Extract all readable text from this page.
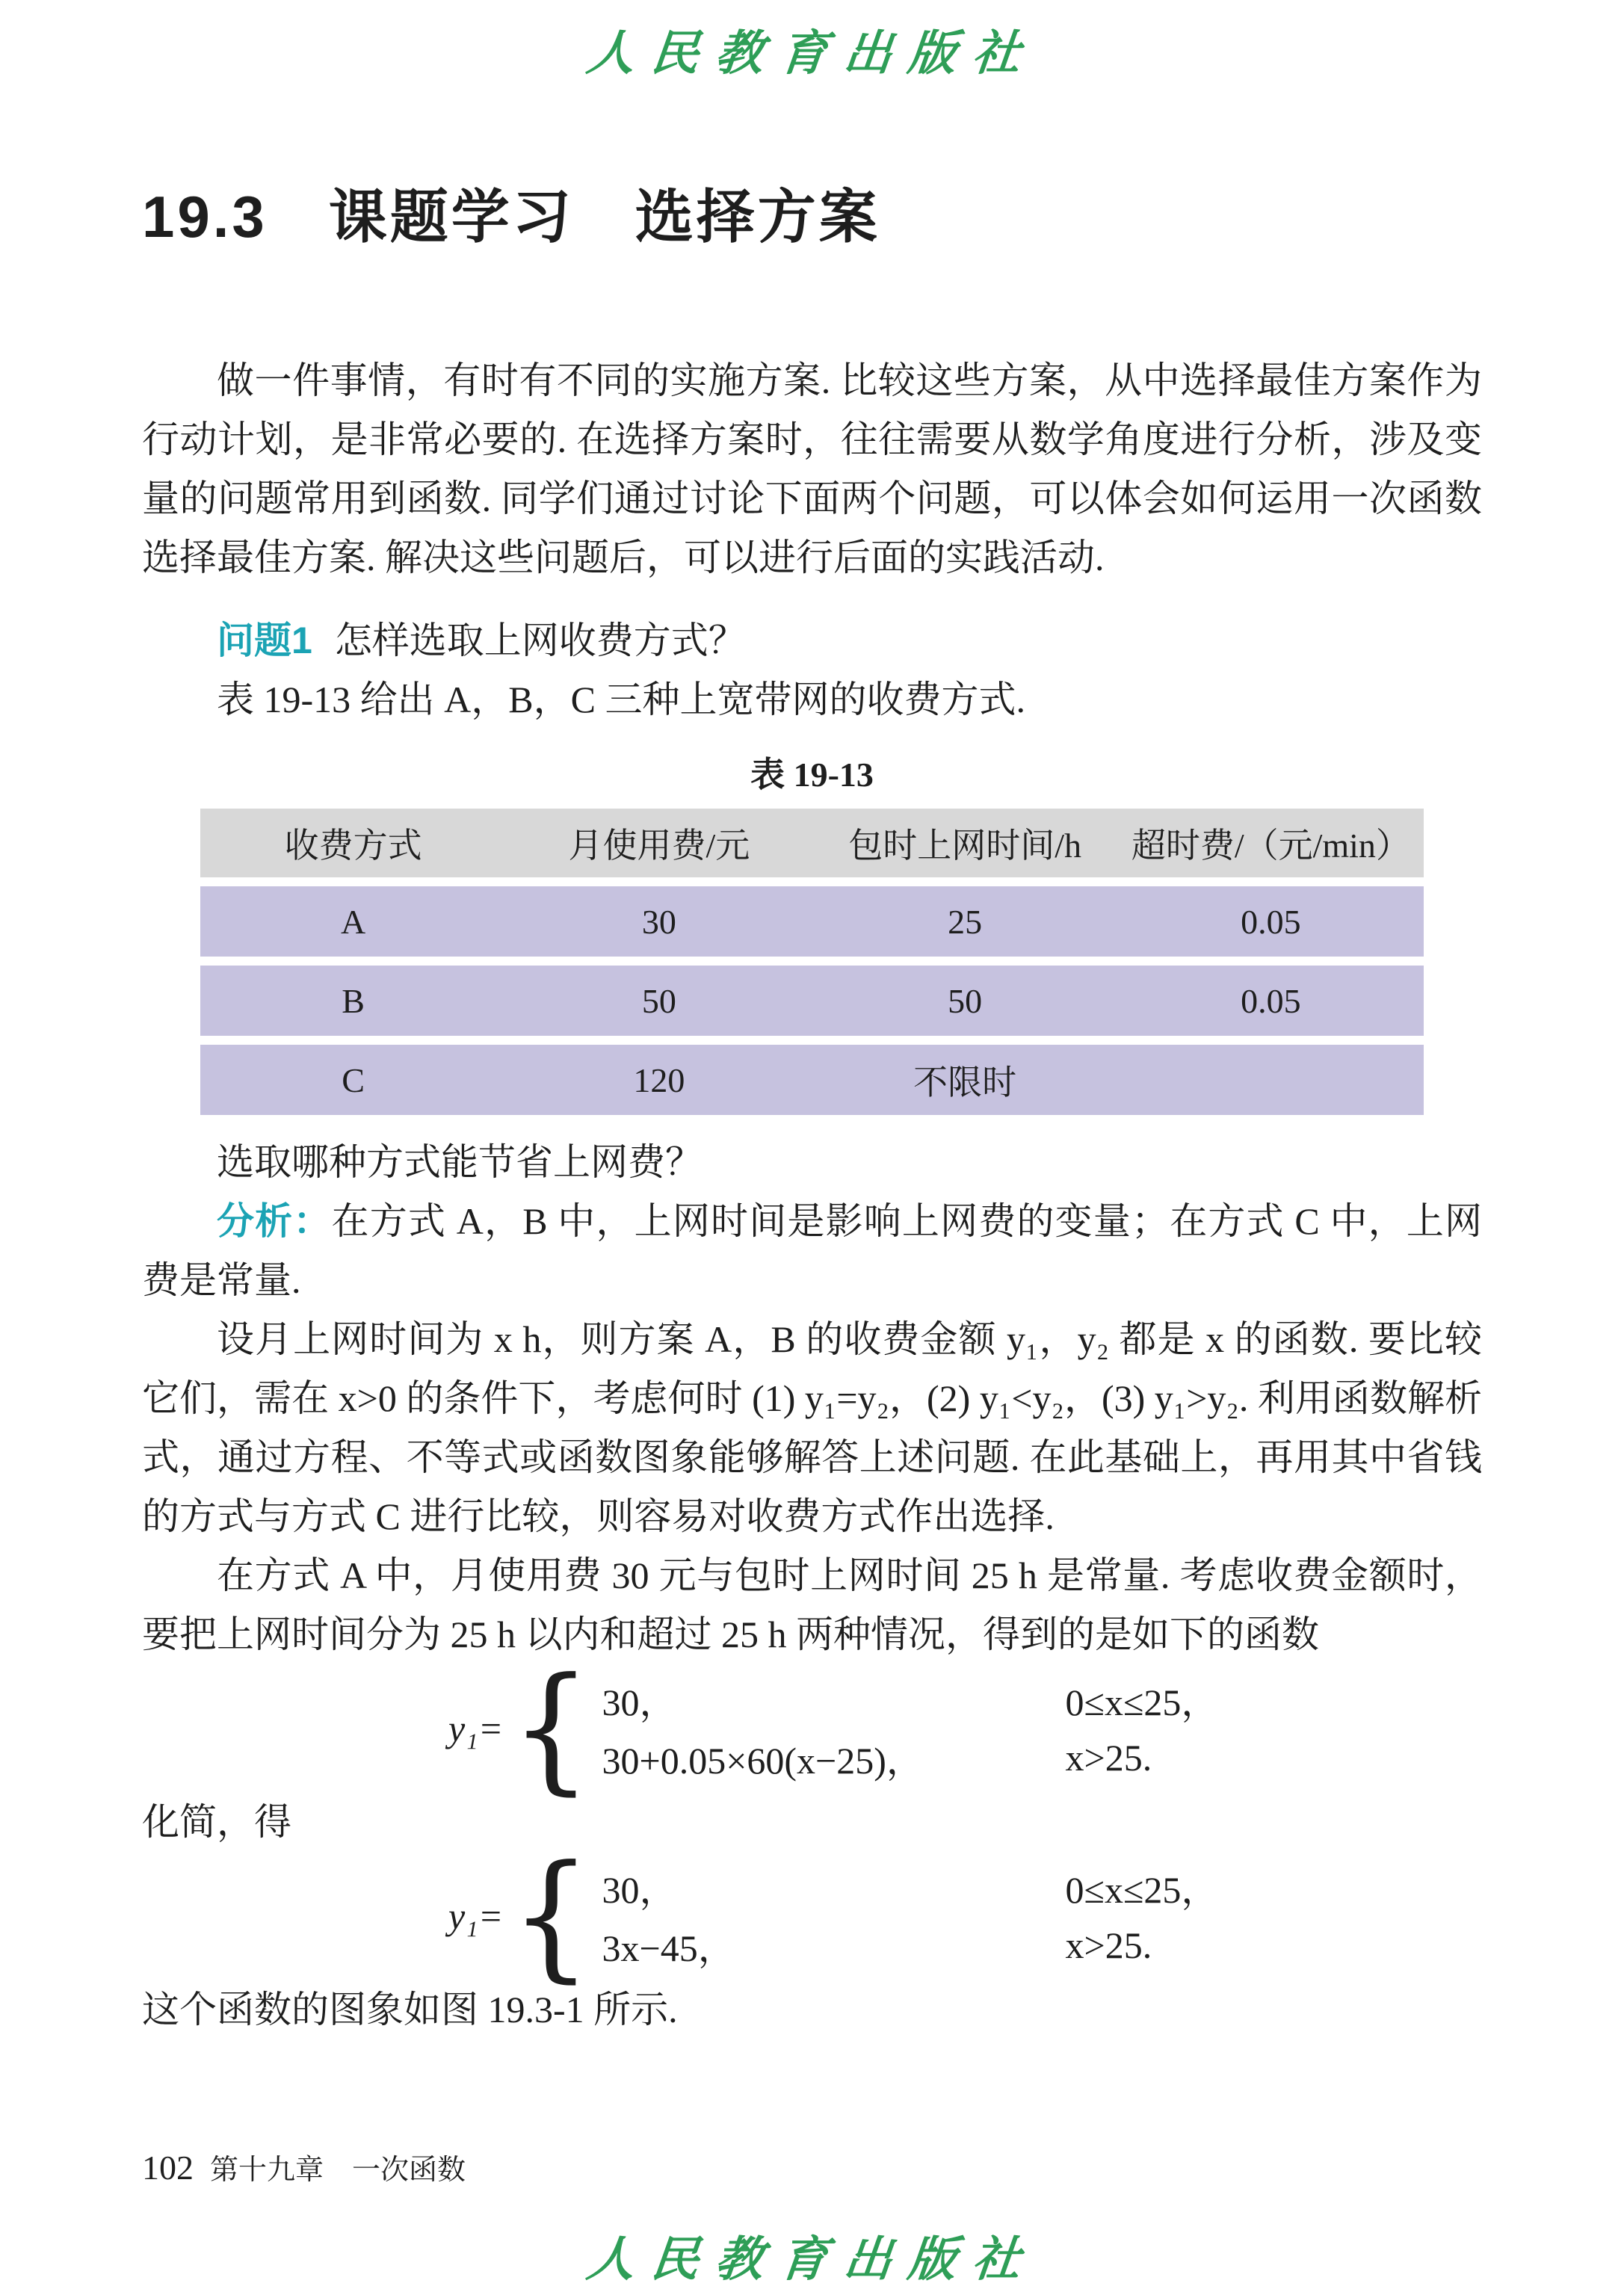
人民教育出版社
19.3　课题学习　选择方案

做一件事情，有时有不同的实施方案. 比较这些方案，从中选择最佳方案作为行动计划，是非常必要的. 在选择方案时，往往需要从数学角度进行分析，涉及变量的问题常用到函数. 同学们通过讨论下面两个问题，可以体会如何运用一次函数选择最佳方案. 解决这些问题后，可以进行后面的实践活动.

问题1 怎样选取上网收费方式？

表 19-13 给出 A，B，C 三种上宽带网的收费方式.

表 19-13
收费方式	月使用费/元	包时上网时间/h	超时费/（元/min）
A	30	25	0.05
B	50	50	0.05
C	120	不限时

选取哪种方式能节省上网费？

分析：在方式 A，B 中，上网时间是影响上网费的变量；在方式 C 中，上网费是常量.

设月上网时间为 x h，则方案 A，B 的收费金额 y₁，y₂ 都是 x 的函数. 要比较它们，需在 x>0 的条件下，考虑何时 (1) y₁=y₂，(2) y₁<y₂，(3) y₁>y₂. 利用函数解析式，通过方程、不等式或函数图象能够解答上述问题. 在此基础上，再用其中省钱的方式与方式 C 进行比较，则容易对收费方式作出选择.

在方式 A 中，月使用费 30 元与包时上网时间 25 h 是常量. 考虑收费金额时，要把上网时间分为 25 h 以内和超过 25 h 两种情况，得到的是如下的函数

y₁= { 30，	0≤x≤25，
30+0.05×60(x−25)，	x>25.

化简，得

y₁= { 30，	0≤x≤25，
3x−45，	x>25.

这个函数的图象如图 19.3-1 所示.

102 第十九章　一次函数
人民教育出版社
